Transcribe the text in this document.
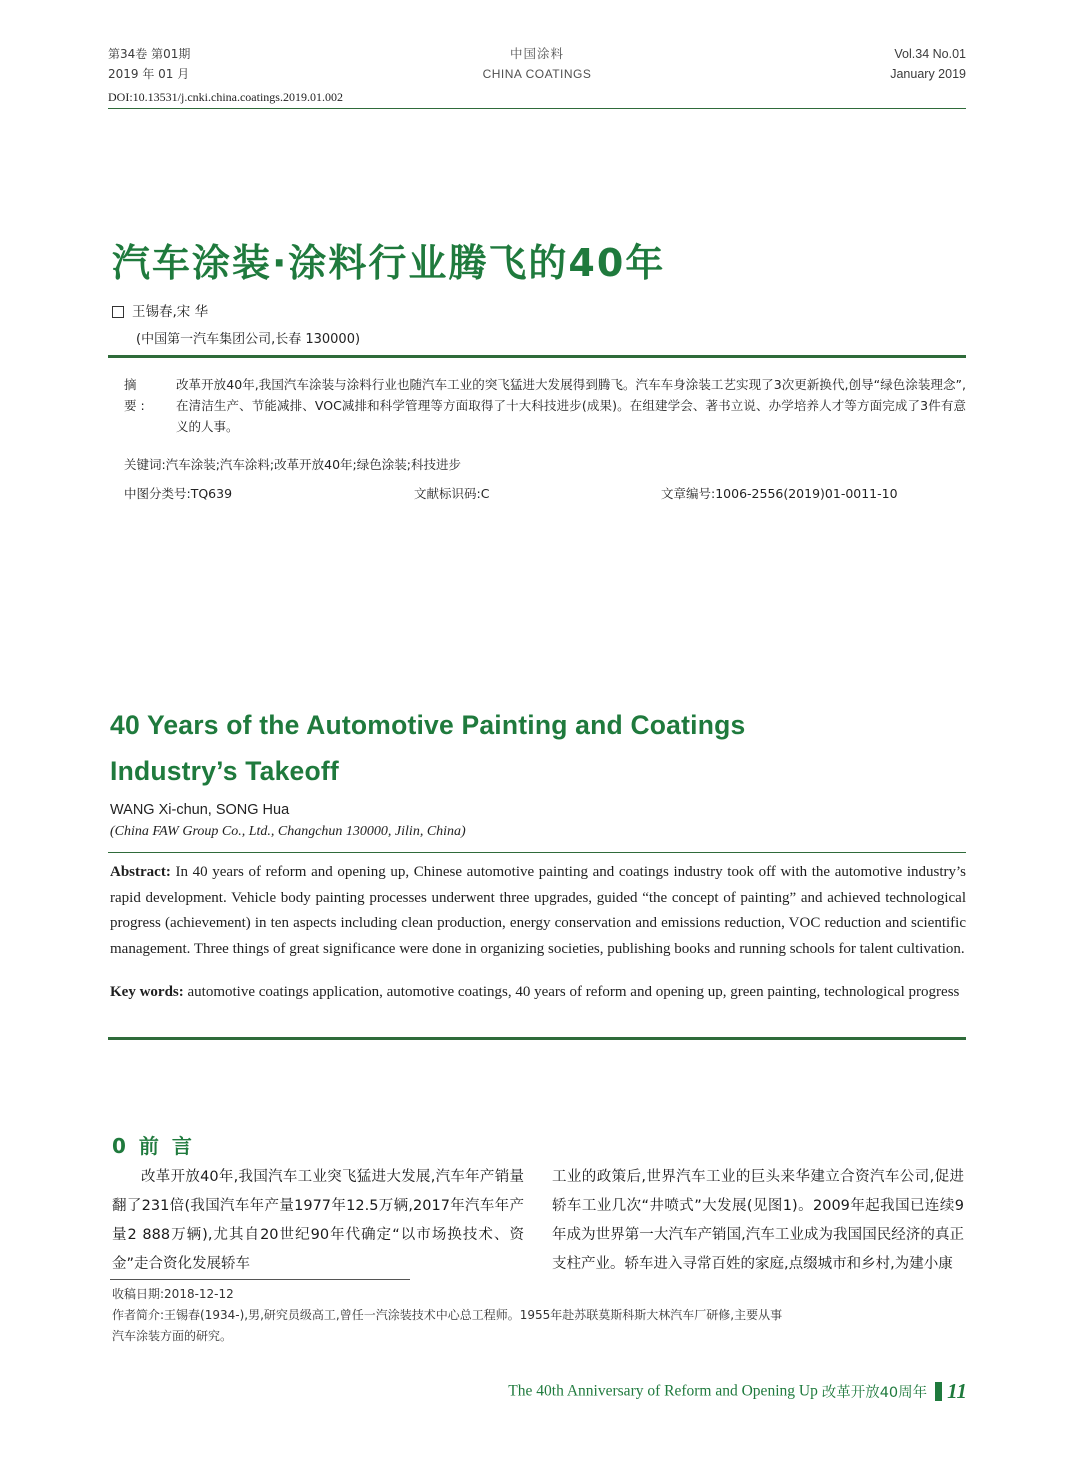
第34卷 第01期
2019 年 01 月
中国涂料
CHINA COATINGS
Vol.34 No.01
January 2019
DOI:10.13531/j.cnki.china.coatings.2019.01.002
汽车涂装·涂料行业腾飞的40年
王锡春,宋 华
(中国第一汽车集团公司,长春 130000)
摘 要:
改革开放40年,我国汽车涂装与涂料行业也随汽车工业的突飞猛进大发展得到腾飞。汽车车身涂装工艺实现了3次更新换代,创导“绿色涂装理念”,在清洁生产、节能减排、VOC减排和科学管理等方面取得了十大科技进步(成果)。在组建学会、著书立说、办学培养人才等方面完成了3件有意义的人事。
关键词:汽车涂装;汽车涂料;改革开放40年;绿色涂装;科技进步
中图分类号:TQ639	文献标识码:C	文章编号:1006-2556(2019)01-0011-10
40 Years of the Automotive Painting and Coatings Industry’s Takeoff
WANG Xi-chun, SONG Hua
(China FAW Group Co., Ltd., Changchun 130000, Jilin, China)
Abstract: In 40 years of reform and opening up, Chinese automotive painting and coatings industry took off with the automotive industry’s rapid development. Vehicle body painting processes underwent three upgrades, guided “the concept of painting” and achieved technological progress (achievement) in ten aspects including clean production, energy conservation and emissions reduction, VOC reduction and scientific management. Three things of great significance were done in organizing societies, publishing books and running schools for talent cultivation.
Key words: automotive coatings application, automotive coatings, 40 years of reform and opening up, green painting, technological progress
0 前 言

改革开放40年,我国汽车工业突飞猛进大发展,汽车年产销量翻了231倍(我国汽车年产量1977年12.5万辆,2017年汽车年产量2 888万辆),尤其自20世纪90年代确定“以市场换技术、资金”走合资化发展轿车

工业的政策后,世界汽车工业的巨头来华建立合资汽车公司,促进轿车工业几次“井喷式”大发展(见图1)。2009年起我国已连续9年成为世界第一大汽车产销国,汽车工业成为我国国民经济的真正支柱产业。轿车进入寻常百姓的家庭,点缀城市和乡村,为建小康

收稿日期:2018-12-12
作者简介:王锡春(1934-),男,研究员级高工,曾任一汽涂装技术中心总工程师。1955年赴苏联莫斯科斯大林汽车厂研修,主要从事
汽车涂装方面的研究。
The 40th Anniversary of Reform and Opening Up 改革开放40周年 11
